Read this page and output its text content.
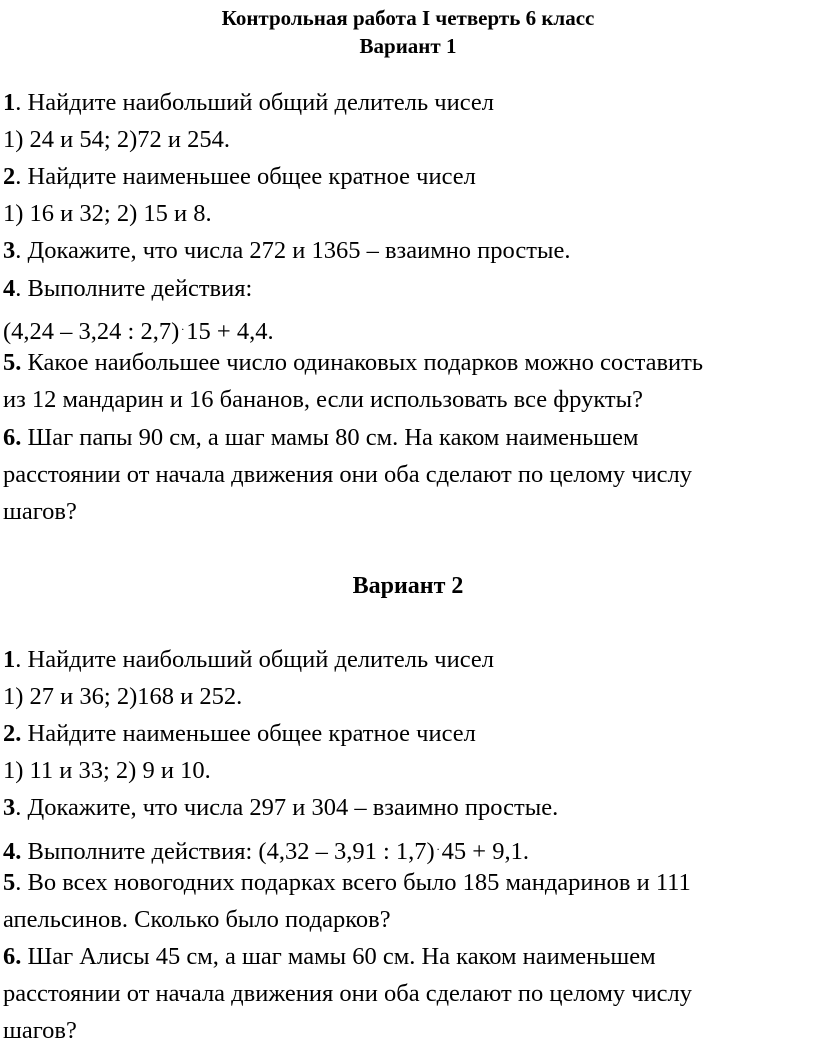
Контрольная работа I четверть 6 класс
Вариант 1
1. Найдите наибольший общий делитель чисел
1) 24 и 54; 2)72 и 254.
2. Найдите наименьшее общее кратное чисел
1) 16 и 32; 2) 15 и 8.
3. Докажите, что числа 272 и 1365 – взаимно простые.
4. Выполните действия:
(4,24 – 3,24 : 2,7) .15 + 4,4.
5. Какое наибольшее число одинаковых подарков можно составить
из 12 мандарин и 16 бананов, если использовать все фрукты?
6. Шаг папы 90 см, а шаг мамы 80 см. На каком наименьшем
расстоянии от начала движения они оба сделают по целому числу
шагов?
Вариант 2
1. Найдите наибольший общий делитель чисел
1) 27 и 36; 2)168 и 252.
2. Найдите наименьшее общее кратное чисел
1) 11 и 33; 2) 9 и 10.
3. Докажите, что числа 297 и 304 – взаимно простые.
4. Выполните действия: (4,32 – 3,91 : 1,7) .45 + 9,1.
5. Во всех новогодних подарках всего было 185 мандаринов и 111
апельсинов. Сколько было подарков?
6. Шаг Алисы 45 см, а шаг мамы 60 см. На каком наименьшем
расстоянии от начала движения они оба сделают по целому числу
шагов?
